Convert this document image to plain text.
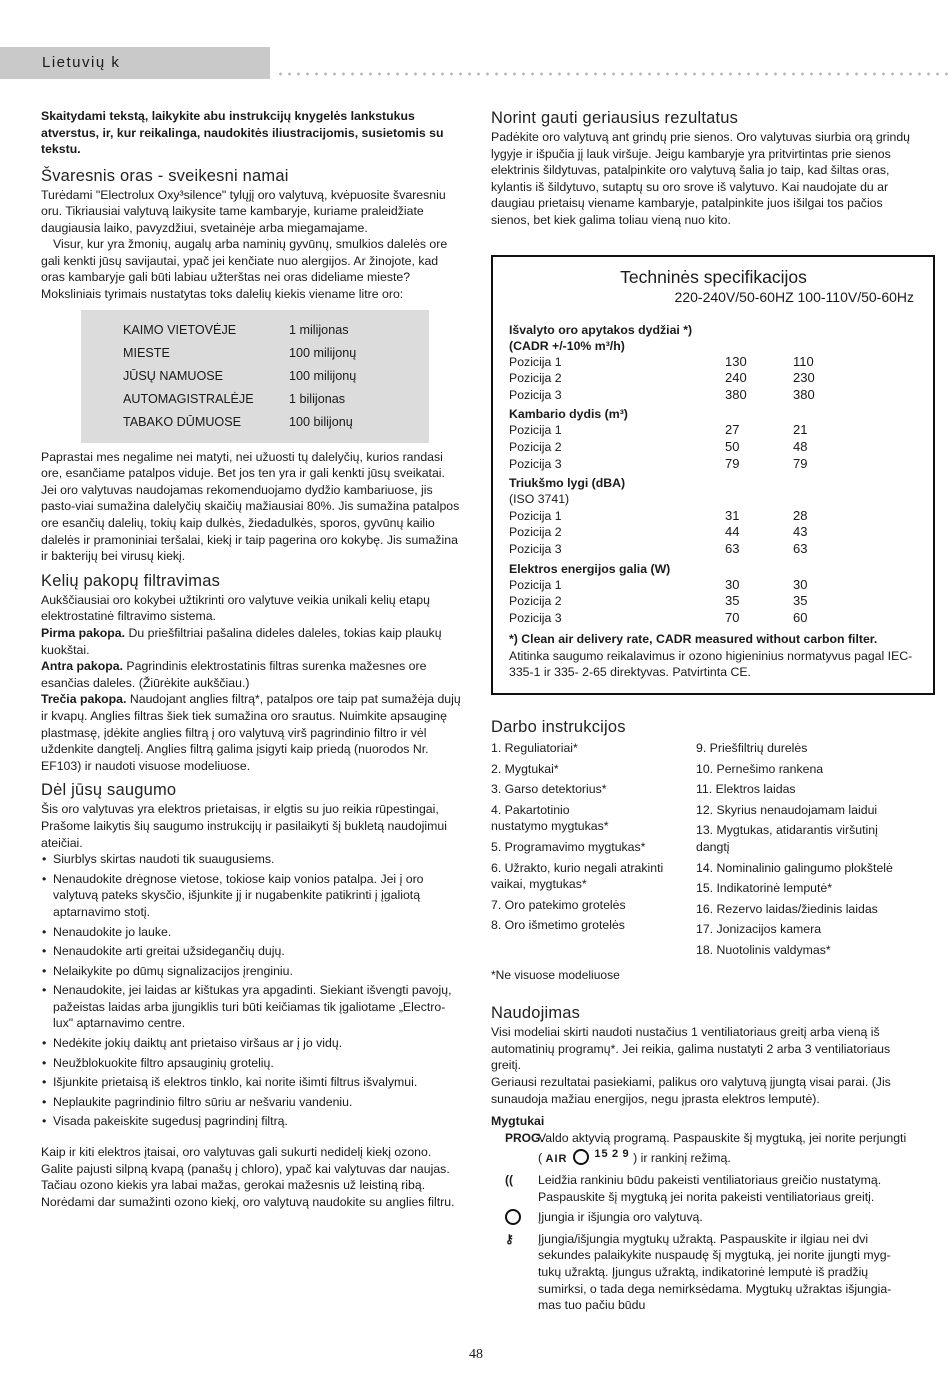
Lietuvių k

Skaitydami tekstą, laikykite abu instrukcijų knygelės lankstukus atverstus, ir, kur reikalinga, naudokitės iliustracijomis, susietomis su tekstu.

Švaresnis oras - sveikesni namai

Turėdami "Electrolux Oxy³silence" tylųjį oro valytuvą, kvėpuosite švaresniu oru. Tikriausiai valytuvą laikysite tame kambaryje, kuriame praleidžiate daugiausia laiko, pavyzdžiui, svetainėje arba miegamajame.

Visur, kur yra žmonių, augalų arba naminių gyvūnų, smulkios dalelės ore gali kenkti jūsų savijautai, ypač jei kenčiate nuo alergijos. Ar žinojote, kad oras kambaryje gali būti labiau užterštas nei oras dideliame mieste? Moksliniais tyrimais nustatytas toks dalelių kiekis viename litre oro:

KAIMO VIETOVĖJE	1 milijonas
MIESTE	100 milijonų
JŪSŲ NAMUOSE	100 milijonų
AUTOMAGISTRALĖJE	1 bilijonas
TABAKO DŪMUOSE	100 bilijonų

Paprastai mes negalime nei matyti, nei užuosti tų dalelyčių, kurios randasi ore, esančiame patalpos viduje. Bet jos ten yra ir gali kenkti jūsų sveikatai. Jei oro valytuvas naudojamas rekomenduojamo dydžio kambariuose, jis pasto-viai sumažina dalelyčių skaičių mažiausiai 80%. Jis sumažina patalpos ore esančių dalelių, tokių kaip dulkės, žiedadulkės, sporos, gyvūnų kailio dalelės ir pramoniniai teršalai, kiekį ir taip pagerina oro kokybę. Jis sumažina ir bakterijų bei virusų kiekį.

Kelių pakopų filtravimas

Aukščiausiai oro kokybei užtikrinti oro valytuve veikia unikali kelių etapų elektrostatinė filtravimo sistema.

Pirma pakopa. Du priešfiltriai pašalina dideles daleles, tokias kaip plaukų kuokštai.

Antra pakopa. Pagrindinis elektrostatinis filtras surenka mažesnes ore esančias daleles. (Žiūrėkite aukščiau.)

Trečia pakopa. Naudojant anglies filtrą*, patalpos ore taip pat sumažėja dujų ir kvapų. Anglies filtras šiek tiek sumažina oro srautus. Nuimkite apsauginę plastmasę, įdėkite anglies filtrą į oro valytuvą virš pagrindinio filtro ir vėl uždenkite dangtelį. Anglies filtrą galima įsigyti kaip priedą (nuorodos Nr. EF103) ir naudoti visuose modeliuose.

Dėl jūsų saugumo

Šis oro valytuvas yra elektros prietaisas, ir elgtis su juo reikia rūpestingai, Prašome laikytis šių saugumo instrukcijų ir pasilaikyti šį bukletą naudojimui ateičiai.

• Siurblys skirtas naudoti tik suaugusiems.
• Nenaudokite drėgnose vietose, tokiose kaip vonios patalpa. Jei į oro valytuvą pateks skysčio, išjunkite jį ir nugabenkite patikrinti į įgaliotą aptarnavimo stotį.
• Nenaudokite jo lauke.
• Nenaudokite arti greitai užsidegančių dujų.
• Nelaikykite po dūmų signalizacijos įrenginiu.
• Nenaudokite, jei laidas ar kištukas yra apgadinti. Siekiant išvengti pavojų, pažeistas laidas arba įjungiklis turi būti keičiamas tik įgaliotame „Electro-lux" aptarnavimo centre.
• Nedėkite jokių daiktų ant prietaiso viršaus ar į jo vidų.
• Neužblokuokite filtro apsauginių grotelių.
• Išjunkite prietaisą iš elektros tinklo, kai norite išimti filtrus išvalymui.
• Neplaukite pagrindinio filtro sūriu ar nešvariu vandeniu.
• Visada pakeiskite sugedusį pagrindinį filtrą.

Kaip ir kiti elektros įtaisai, oro valytuvas gali sukurti nedidelį kiekį ozono. Galite pajusti silpną kvapą (panašų į chloro), ypač kai valytuvas dar naujas. Tačiau ozono kiekis yra labai mažas, gerokai mažesnis už leistiną ribą. Norėdami dar sumažinti ozono kiekį, oro valytuvą naudokite su anglies filtru.

Norint gauti geriausius rezultatus

Padėkite oro valytuvą ant grindų prie sienos. Oro valytuvas siurbia orą grindų lygyje ir išpučia jį lauk viršuje. Jeigu kambaryje yra pritvirtintas prie sienos elektrinis šildytuvas, patalpinkite oro valytuvą šalia jo taip, kad šiltas oras, kylantis iš šildytuvo, sutaptų su oro srove iš valytuvo. Kai naudojate du ar daugiau prietaisų viename kambaryje, patalpinkite juos išilgai tos pačios sienos, bet kiek galima toliau vieną nuo kito.

Techninės specifikacijos
220-240V/50-60HZ 100-110V/50-60Hz
Išvalyto oro apytakos dydžiai *) (CADR +/-10% m³/h)
Pozicija 1	130	110
Pozicija 2	240	230
Pozicija 3	380	380
Kambario dydis (m³)
Pozicija 1	27	21
Pozicija 2	50	48
Pozicija 3	79	79
Triukšmo lygi (dBA)
(ISO 3741)
Pozicija 1	31	28
Pozicija 2	44	43
Pozicija 3	63	63
Elektros energijos galia (W)
Pozicija 1	30	30
Pozicija 2	35	35
Pozicija 3	70	60

*) Clean air delivery rate, CADR measured without carbon filter.

Atitinka saugumo reikalavimus ir ozono higieninius normatyvus pagal IEC-335-1 ir 335- 2-65 direktyvas. Patvirtinta CE.

Darbo instrukcijos
1. Reguliatoriai*
2. Mygtukai*
3. Garso detektorius*
4. Pakartotinio nustatymo mygtukas*
5. Programavimo mygtukas*
6. Užrakto, kurio negali atrakinti vaikai, mygtukas*
7. Oro patekimo grotelės
8. Oro išmetimo grotelės
9. Priešfiltrių durelės
10. Pernešimo rankena
11. Elektros laidas
12. Skyrius nenaudojamam laidui
13. Mygtukas, atidarantis viršutinį dangtį
14. Nominalinio galingumo plokštelė
15. Indikatorinė lemputė*
16. Rezervo laidas/žiedinis laidas
17. Jonizacijos kamera
18. Nuotolinis valdymas*

*Ne visuose modeliuose

Naudojimas

Visi modeliai skirti naudoti nustačius 1 ventiliatoriaus greitį arba vieną iš automatinių programų*. Jei reikia, galima nustatyti 2 arba 3 ventiliatoriaus greitį.

Geriausi rezultatai pasiekiami, palikus oro valytuvą įjungtą visai parai. (Jis sunaudoja mažiau energijos, negu įprasta elektros lemputė).

Mygtukai

PROG.
Valdo aktyvią programą. Paspauskite šį mygtuką, jei norite perjungti ( AIR $^{15}$ $^2$ $^9$ ) ir rankinį režimą.
((	Leidžia rankiniu būdu pakeisti ventiliatoriaus greičio nustatymą. Paspauskite šį mygtuką jei norita pakeisti ventiliatoriaus greitį.
Įjungia ir išjungia oro valytuvą.
⚷	Įjungia/išjungia mygtukų užraktą. Paspauskite ir ilgiau nei dvi sekundes palaikykite nuspaudę šį mygtuką, jei norite įjungti myg-tukų užraktą. Įjungus užraktą, indikatorinė lemputė iš pradžių sumirksi, o tada dega nemirksėdama. Mygtukų užraktas išjungia-mas tuo pačiu būdu
48
